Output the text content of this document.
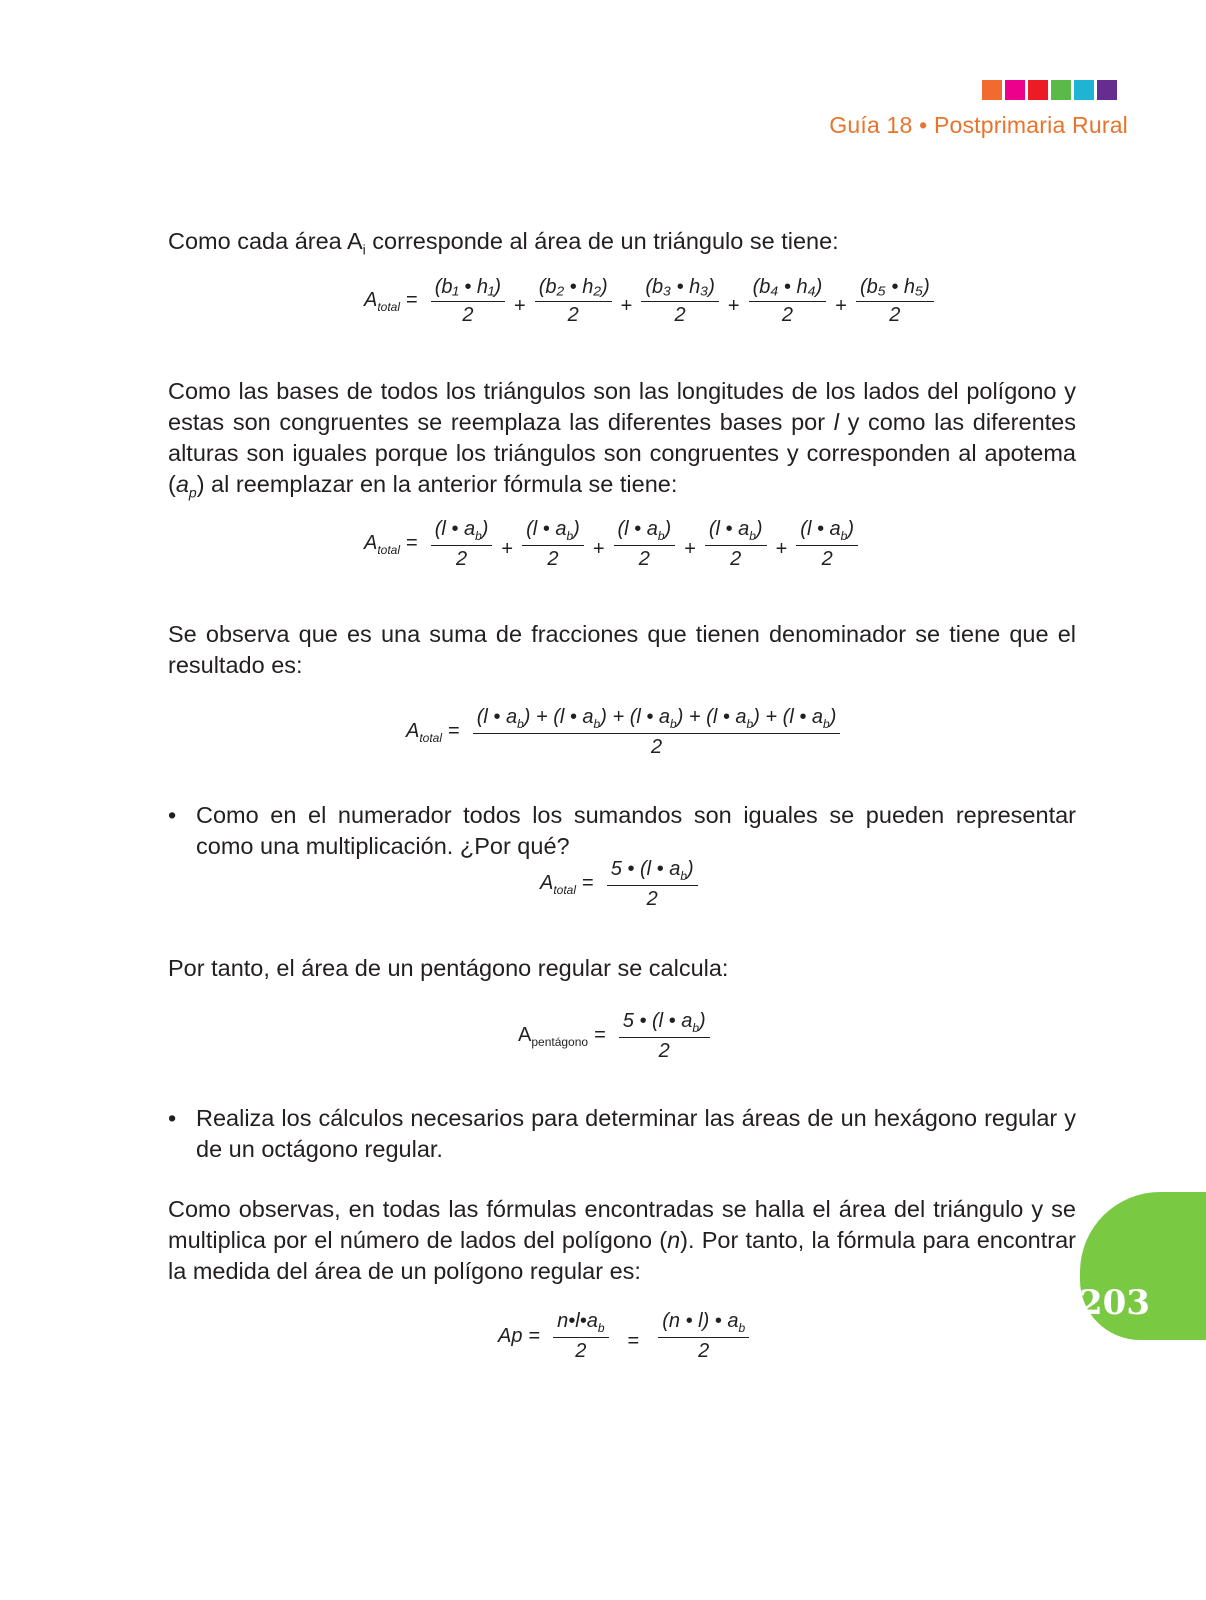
Guía 18 • Postprimaria Rural

Como cada área $A_i$ corresponde al área de un triángulo se tiene:

$A_{total} = \frac{\text{(b₁ • h₁)}}{2} + \frac{\text{(b₂ • h₂)}}{2} + \frac{\text{(b₃ • h₃)}}{2} + \frac{\text{(b₄ • h₄)}}{2} + \frac{\text{(b₅ • h₅)}}{2}$

Como las bases de todos los triángulos son las longitudes de los lados del polígono y estas son congruentes se reemplaza las diferentes bases por l y como las diferentes alturas son iguales porque los triángulos son congruentes y corresponden al apotema $(a_p)$ al reemplazar en la anterior fórmula se tiene:

$A_{total} = \frac{(l • a_b)}{2} + \frac{(l • a_b)}{2} + \frac{(l • a_b)}{2} + \frac{(l • a_b)}{2} + \frac{(l • a_b)}{2}$

Se observa que es una suma de fracciones que tienen denominador se tiene que el resultado es:

$A_{total} = \frac{(l • a_b) + (l • a_b) + (l • a_b) + (l • a_b) + (l • a_b)}{2}$
• Como en el numerador todos los sumandos son iguales se pueden representar como una multiplicación. ¿Por qué?
$A_{total} = \frac{5 • (l • a_b)}{2}$

Por tanto, el área de un pentágono regular se calcula:

$A_{pentágono} = \frac{5 • (l • a_b)}{2}$
• Realiza los cálculos necesarios para determinar las áreas de un hexágono regular y de un octágono regular.

Como observas, en todas las fórmulas encontradas se halla el área del triángulo y se multiplica por el número de lados del polígono (n). Por tanto, la fórmula para encontrar la medida del área de un polígono regular es:

$Ap = \frac{n•l•a_b}{2} = \frac{(n • l) • a_b}{2}$
203
